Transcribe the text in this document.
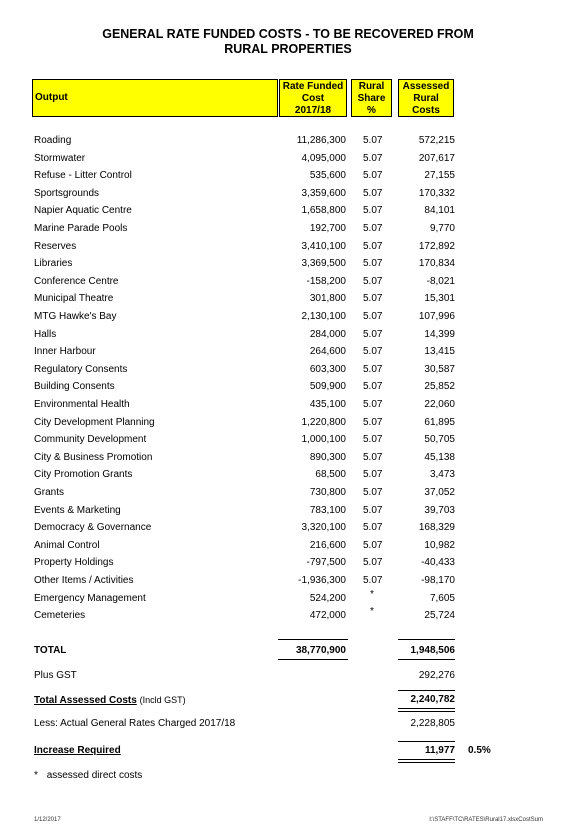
GENERAL RATE FUNDED COSTS - TO BE RECOVERED FROM
RURAL PROPERTIES
Output
Rate Funded
Cost
2017/18
Rural
Share
%
Assessed
Rural
Costs
Roading	11,286,300 5.07	572,215
Stormwater	4,095,000 5.07	207,617
Refuse - Litter Control	535,600 5.07	27,155
Sportsgrounds	3,359,600 5.07	170,332
Napier Aquatic Centre	1,658,800 5.07	84,101
Marine Parade Pools	192,700 5.07	9,770
Reserves	3,410,100 5.07	172,892
Libraries	3,369,500 5.07	170,834
Conference Centre	-158,200 5.07	-8,021
Municipal Theatre	301,800 5.07	15,301
MTG Hawke's Bay	2,130,100 5.07	107,996
Halls	284,000 5.07	14,399
Inner Harbour	264,600 5.07	13,415
Regulatory Consents	603,300 5.07	30,587
Building Consents	509,900 5.07	25,852
Environmental Health	435,100 5.07	22,060
City Development Planning	1,220,800 5.07	61,895
Community Development	1,000,100 5.07	50,705
City & Business Promotion	890,300 5.07	45,138
City Promotion Grants	68,500 5.07	3,473
Grants	730,800 5.07	37,052
Events & Marketing	783,100 5.07	39,703
Democracy & Governance	3,320,100 5.07	168,329
Animal Control	216,600 5.07	10,982
Property Holdings	-797,500 5.07	-40,433
Other Items / Activities	-1,936,300 5.07	-98,170
Emergency Management	524,200 *	7,605
Cemeteries	472,000 *	25,724
TOTAL	38,770,900	1,948,506
Plus GST	292,276
Total Assessed Costs (Incld GST)	2,240,782
Less: Actual General Rates Charged 2017/18	2,228,805
Increase Required	11,977 0.5%
* assessed direct costs
1/12/2017	I:\STAFF\TC\RATES\Rural17.xlsxCostSum
